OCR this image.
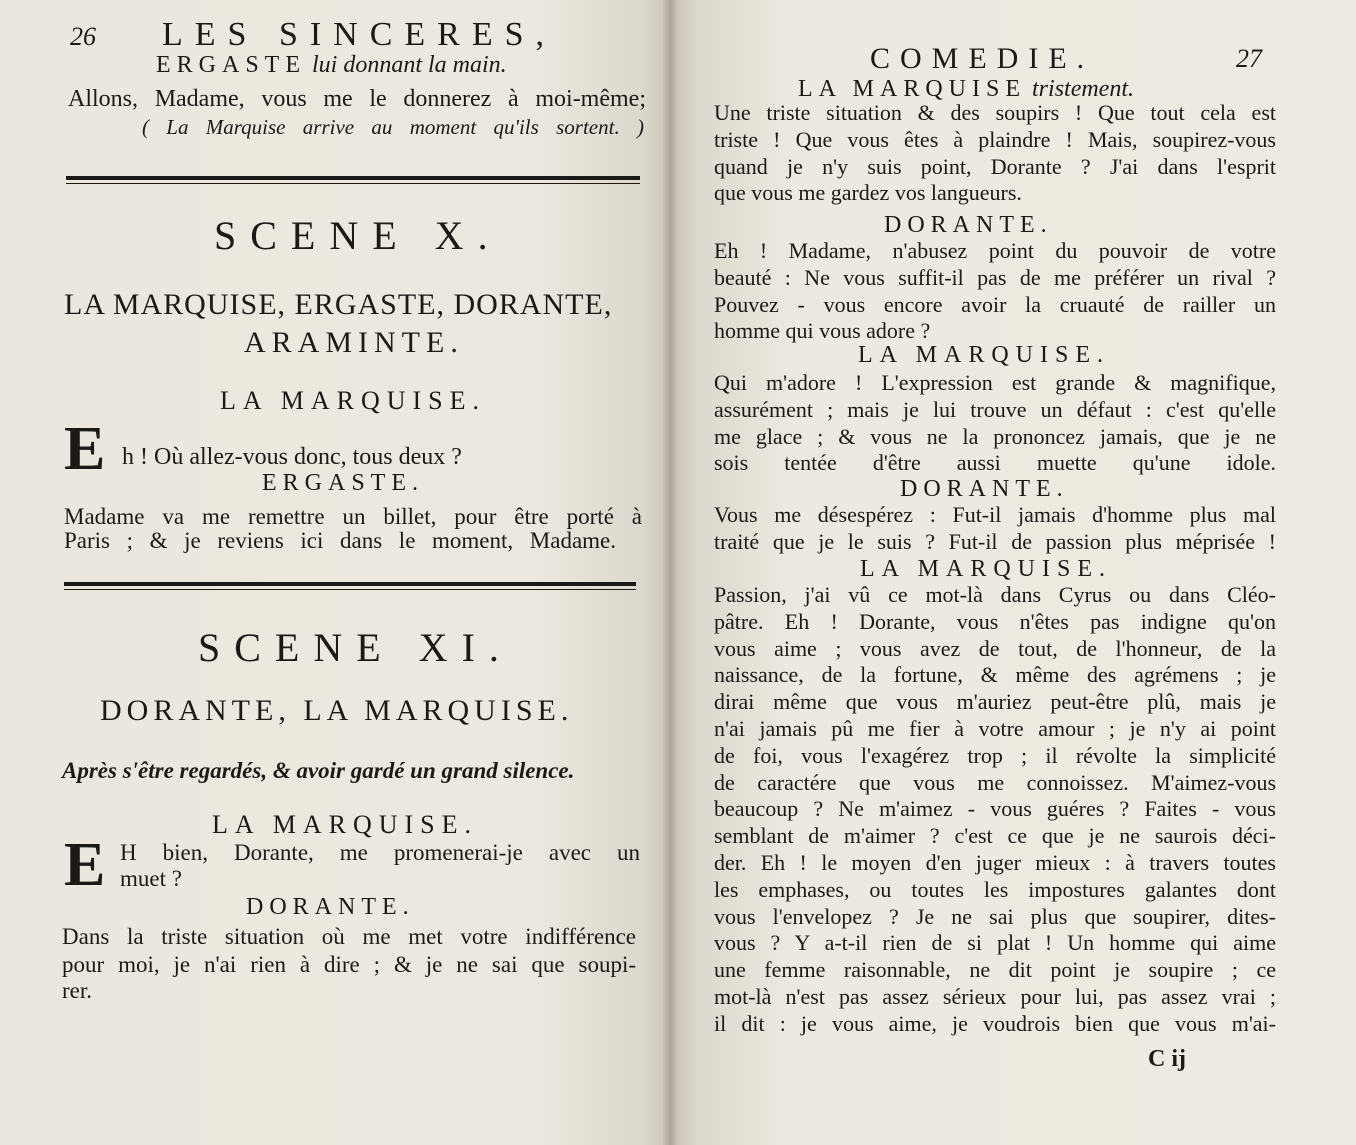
26 LES SINCERES,
ERGASTE lui donnant la main.
Allons, Madame, vous me le donnerez à moi-même;
( La Marquise arrive au moment qu'ils sortent. )
SCENE X.
LA MARQUISE, ERGASTE, DORANTE,
ARAMINTE.
LA MARQUISE.
E h ! Où allez-vous donc, tous deux ?
ERGASTE.
Madame va me remettre un billet, pour être porté à
Paris ; & je reviens ici dans le moment, Madame.
SCENE XI.
DORANTE, LA MARQUISE.
Après s'être regardés, & avoir gardé un grand silence.
LA MARQUISE.
E H bien, Dorante, me promenerai-je avec un
muet ?
DORANTE.
Dans la triste situation où me met votre indifférence
pour moi, je n'ai rien à dire ; & je ne sai que soupi-
rer.
COMEDIE.	27
LA MARQUISE tristement.
Une triste situation & des soupirs ! Que tout cela est
triste ! Que vous êtes à plaindre ! Mais, soupirez-vous
quand je n'y suis point, Dorante ? J'ai dans l'esprit
que vous me gardez vos langueurs.
DORANTE.
Eh ! Madame, n'abusez point du pouvoir de votre
beauté : Ne vous suffit-il pas de me préférer un rival ?
Pouvez - vous encore avoir la cruauté de railler un
homme qui vous adore ?
LA MARQUISE.
Qui m'adore ! L'expression est grande & magnifique,
assurément ; mais je lui trouve un défaut : c'est qu'elle
me glace ; & vous ne la prononcez jamais, que je ne
sois tentée d'être aussi muette qu'une idole.
DORANTE.
Vous me désespérez : Fut-il jamais d'homme plus mal
traité que je le suis ? Fut-il de passion plus méprisée !
LA MARQUISE.
Passion, j'ai vû ce mot-là dans Cyrus ou dans Cléo-
pâtre. Eh ! Dorante, vous n'êtes pas indigne qu'on
vous aime ; vous avez de tout, de l'honneur, de la
naissance, de la fortune, & même des agrémens ; je
dirai même que vous m'auriez peut-être plû, mais je
n'ai jamais pû me fier à votre amour ; je n'y ai point
de foi, vous l'exagérez trop ; il révolte la simplicité
de caractére que vous me connoissez. M'aimez-vous
beaucoup ? Ne m'aimez - vous guéres ? Faites - vous
semblant de m'aimer ? c'est ce que je ne saurois déci-
der. Eh ! le moyen d'en juger mieux : à travers toutes
les emphases, ou toutes les impostures galantes dont
vous l'envelopez ? Je ne sai plus que soupirer, dites-
vous ? Y a-t-il rien de si plat ! Un homme qui aime
une femme raisonnable, ne dit point je soupire ; ce
mot-là n'est pas assez sérieux pour lui, pas assez vrai ;
il dit : je vous aime, je voudrois bien que vous m'ai-
C ij
